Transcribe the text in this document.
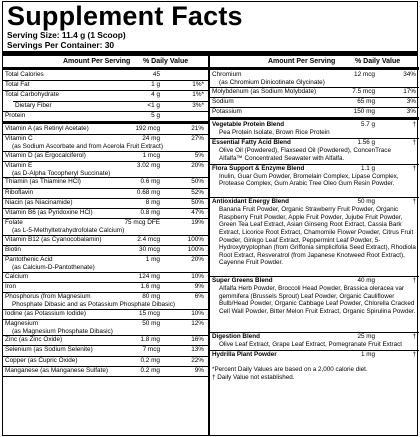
Supplement Facts
Serving Size: 11.4 g (1 Scoop)
Servings Per Container: 30
Amount Per Serving % Daily Value
Total Calories	45
Total Fat	1 g	1%*
Total Carbohydrate	4 g	1%*
Dietary Fiber	<1 g	3%*
Protein	5 g
Vitamin A (as Retinyl Acetate)	192 mcg	21%
Vitamin C
(as Sodium Ascorbate and from Acerola Fruit Extract)
24 mg	27%
Vitamin D (as Ergocalciferol)	1 mcg	5%
Vitamin E
(as D-Alpha Tocopheryl Succinate)
3.02 mg	20%
Thiamin (as Thiamine HCl)	0.6 mg	50%
Riboflavin	0.68 mg	52%
Niacin (as Niacinamide)	8 mg	50%
Vitamin B6 (as Pyridoxine HCl)	0.8 mg	47%
Folate
(as L-5-Methyltetrahydrofolate Calcium)
75 mcg DFE	19%
Vitamin B12 (as Cyanocobalamin)	2.4 mcg	100%
Biotin	30 mcg	100%
Pantothenic Acid
(as Calcium-D-Pantothenate)
1 mg	20%
Calcium	124 mg	10%
Iron	1.6 mg	9%
Phosphorus (from Magnesium
Phosphate Dibasic and as Potassium Phosphate Dibasic)
80 mg	6%
Iodine (as Potassium Iodide)	15 mcg	10%
Magnesium
(as Magnesium Phosphate Dibasic)
50 mg	12%
Zinc (as Zinc Oxide)	1.8 mg	16%
Selenium (as Sodium Selenite)	7 mcg	13%
Copper (as Cupric Oxide)	0.2 mg	22%
Manganese (as Manganese Sulfate)	0.2 mg	9%
Amount Per Serving	% Daily Value
Chromium
(as Chromium Dinicotinate Glycinate)
12 mcg	34%
Molybdenum (as Sodium Molybdate)	7.5 mcg	17%
Sodium	65 mg	3%
Potassium	150 mg	3%
Vegetable Protein Blend	5.7 g	†
Pea Protein Isolate, Brown Rice Protein
Essential Fatty Acid Blend	1.56 g	†
Olive Oil (Powdered), Flaxseed Oil (Powdered), ConcenTrace Alfalfa™ Concentrated Seawater with Alfalfa.
Flora Support & Enzyme Blend	1.1 g	†
Inulin, Guar Gum Powder, Bromelain Complex, Lipase Complex, Protease Complex, Gum Arabic Tree Oleo Gum Resin Powder.
Antioxidant Energy Blend	50 mg	†
Banana Fruit Powder, Organic Strawberry Fruit Powder, Organic Raspberry Fruit Powder, Apple Fruit Powder, Jujube Fruit Powder, Green Tea Leaf Extract, Asian Ginseng Root Extract, Cassia Bark Extract, Licorice Root Extract, Chamomile Flower Powder, Citrus Fruit Powder, Ginkgo Leaf Extract, Peppermint Leaf Powder, 5-Hydroxytryptophan (from Griffonia simplicifolia Seed Extract), Rhodiola Root Extract, Resveratrol (from Japanese Knotweed Root Extract), Cayenne Fruit Powder.
Super Greens Blend	40 mg	†
Alfalfa Herb Powder, Broccoli Head Powder, Brassica oleracea var gemmifera (Brussels Sprout) Leaf Powder, Organic Cauliflower Bulb/Head Powder, Organic Cabbage Leaf Powder, Chlorella Cracked Cell Wall Powder, Bitter Melon Fruit Extract, Organic Spirulina Powder.
Digestion Blend	25 mg	†
Olive Leaf Extract, Grape Leaf Extract, Pomegranate Fruit Extract
Hydrilla Plant Powder	1 mg	†
*Percent Daily Values are based on a 2,000 calorie diet.
† Daily Value not established.
